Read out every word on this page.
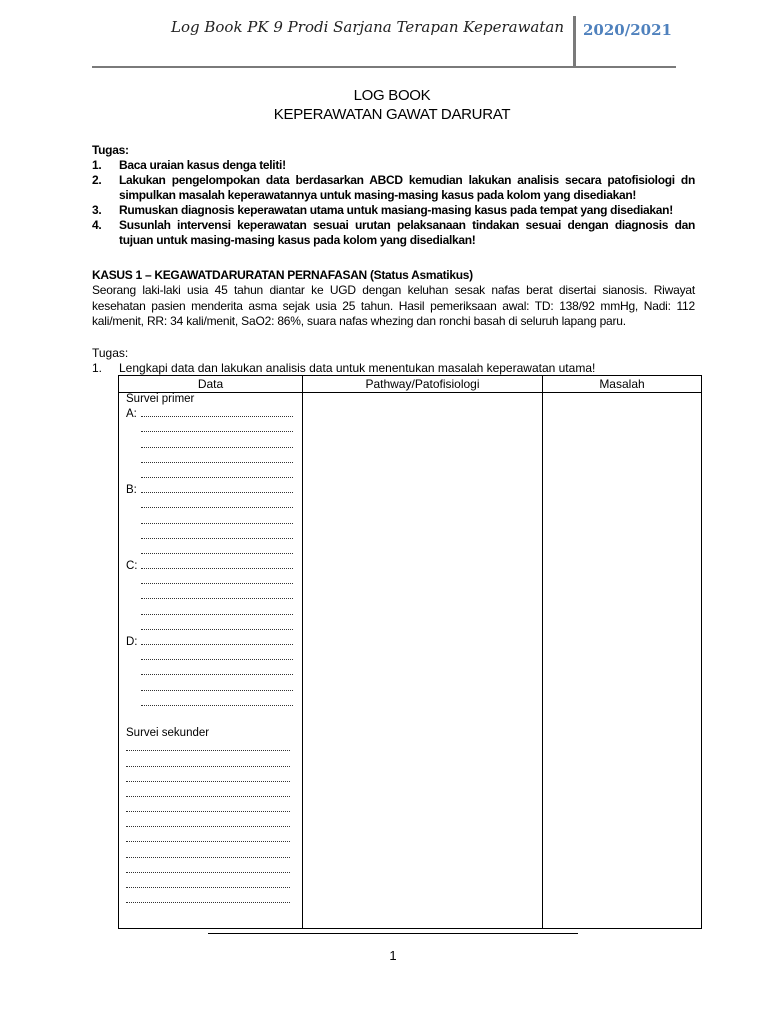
Log Book PK 9 Prodi Sarjana Terapan Keperawatan 2020/2021
LOG BOOK
KEPERAWATAN GAWAT DARURAT
Tugas:
1. Baca uraian kasus denga teliti!
2. Lakukan pengelompokan data berdasarkan ABCD kemudian lakukan analisis secara patofisiologi dn simpulkan masalah keperawatannya untuk masing-masing kasus pada kolom yang disediakan!
3. Rumuskan diagnosis keperawatan utama untuk masiang-masing kasus pada tempat yang disediakan!
4. Susunlah intervensi keperawatan sesuai urutan pelaksanaan tindakan sesuai dengan diagnosis dan tujuan untuk masing-masing kasus pada kolom yang disedialkan!
KASUS 1 – KEGAWATDARURATAN PERNAFASAN (Status Asmatikus)
Seorang laki-laki usia 45 tahun diantar ke UGD dengan keluhan sesak nafas berat disertai sianosis. Riwayat kesehatan pasien menderita asma sejak usia 25 tahun. Hasil pemeriksaan awal: TD: 138/92 mmHg, Nadi: 112 kali/menit, RR: 34 kali/menit, SaO2: 86%, suara nafas whezing dan ronchi basah di seluruh lapang paru.
Tugas:
1. Lengkapi data dan lakukan analisis data untuk menentukan masalah keperawatan utama!
Data	Pathway/Patofisiologi	Masalah
Survei primer
A:
B:
C:
D:
Survei sekunder
1
